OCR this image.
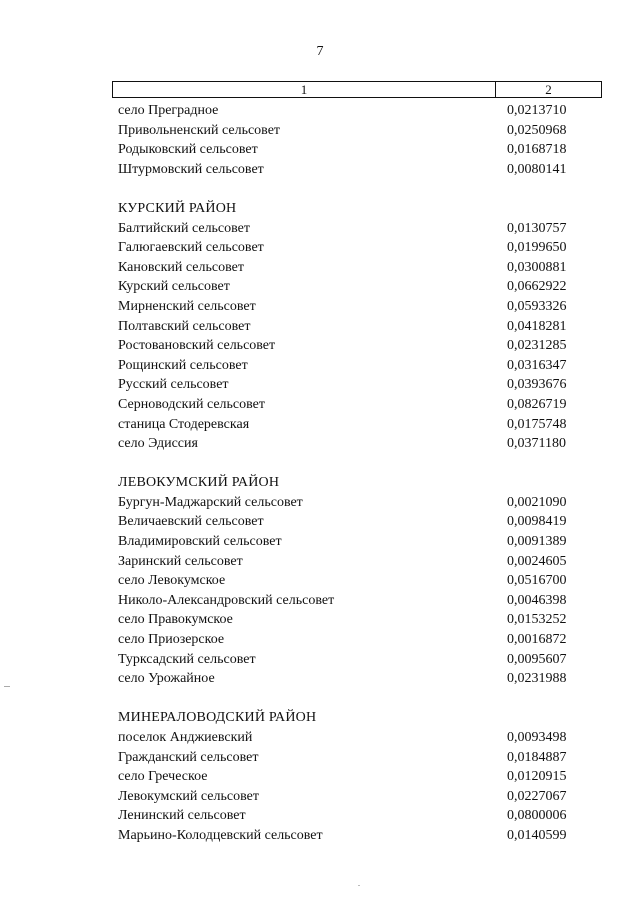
7
1	2
село Преградное	0,0213710
Привольненский сельсовет	0,0250968
Родыковский сельсовет	0,0168718
Штурмовский сельсовет	0,0080141
КУРСКИЙ РАЙОН
Балтийский сельсовет	0,0130757
Галюгаевский сельсовет	0,0199650
Кановский сельсовет	0,0300881
Курский сельсовет	0,0662922
Мирненский сельсовет	0,0593326
Полтавский сельсовет	0,0418281
Ростовановский сельсовет	0,0231285
Рощинский сельсовет	0,0316347
Русский сельсовет	0,0393676
Серноводский сельсовет	0,0826719
станица Стодеревская	0,0175748
село Эдиссия	0,0371180
ЛЕВОКУМСКИЙ РАЙОН
Бургун-Маджарский сельсовет	0,0021090
Величаевский сельсовет	0,0098419
Владимировский сельсовет	0,0091389
Заринский сельсовет	0,0024605
село Левокумское	0,0516700
Николо-Александровский сельсовет	0,0046398
село Правокумское	0,0153252
село Приозерское	0,0016872
Турксадский сельсовет	0,0095607
село Урожайное	0,0231988
МИНЕРАЛОВОДСКИЙ РАЙОН
поселок Анджиевский	0,0093498
Гражданский сельсовет	0,0184887
село Греческое	0,0120915
Левокумский сельсовет	0,0227067
Ленинский сельсовет	0,0800006
Марьино-Колодцевский сельсовет	0,0140599
